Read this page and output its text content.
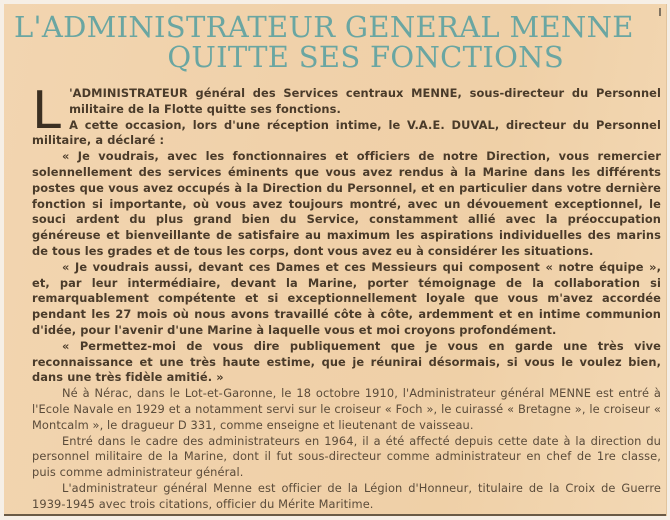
L'ADMINISTRATEUR GENERAL MENNE
QUITTE SES FONCTIONS
L 'ADMINISTRATEUR général des Services centraux MENNE, sous-directeur du Personnel militaire de la Flotte quitte ses fonctions.

A cette occasion, lors d'une réception intime, le V.A.E. DUVAL, directeur du Personnel militaire, a déclaré :

« Je voudrais, avec les fonctionnaires et officiers de notre Direction, vous remercier solennellement des services éminents que vous avez rendus à la Marine dans les différents postes que vous avez occupés à la Direction du Personnel, et en particulier dans votre dernière fonction si importante, où vous avez toujours montré, avec un dévouement exceptionnel, le souci ardent du plus grand bien du Service, constamment allié avec la préoccupation généreuse et bienveillante de satisfaire au maximum les aspirations individuelles des marins de tous les grades et de tous les corps, dont vous avez eu à considérer les situations.

« Je voudrais aussi, devant ces Dames et ces Messieurs qui composent « notre équipe », et, par leur intermédiaire, devant la Marine, porter témoignage de la collaboration si remarquablement compétente et si exceptionnellement loyale que vous m'avez accordée pendant les 27 mois où nous avons travaillé côte à côte, ardemment et en intime communion d'idée, pour l'avenir d'une Marine à laquelle vous et moi croyons profondément.

« Permettez-moi de vous dire publiquement que je vous en garde une très vive reconnaissance et une très haute estime, que je réunirai désormais, si vous le voulez bien, dans une très fidèle amitié. »

Né à Nérac, dans le Lot-et-Garonne, le 18 octobre 1910, l'Administrateur général MENNE est entré à l'Ecole Navale en 1929 et a notamment servi sur le croiseur « Foch », le cuirassé « Bretagne », le croiseur « Montcalm », le dragueur D 331, comme enseigne et lieutenant de vaisseau.

Entré dans le cadre des administrateurs en 1964, il a été affecté depuis cette date à la direction du personnel militaire de la Marine, dont il fut sous-directeur comme administrateur en chef de 1re classe, puis comme administrateur général.

L'administrateur général Menne est officier de la Légion d'Honneur, titulaire de la Croix de Guerre 1939-1945 avec trois citations, officier du Mérite Maritime.

I
